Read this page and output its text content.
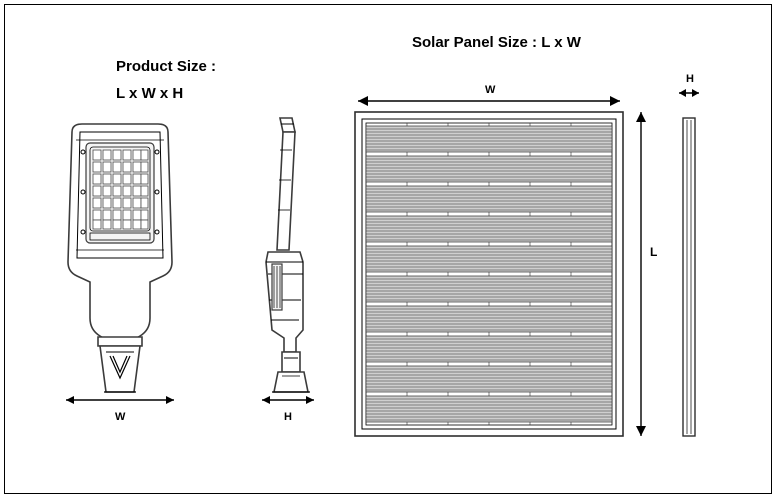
Product Size :
L x W x H
Solar Panel Size : L x W
W	H
W
L
H
